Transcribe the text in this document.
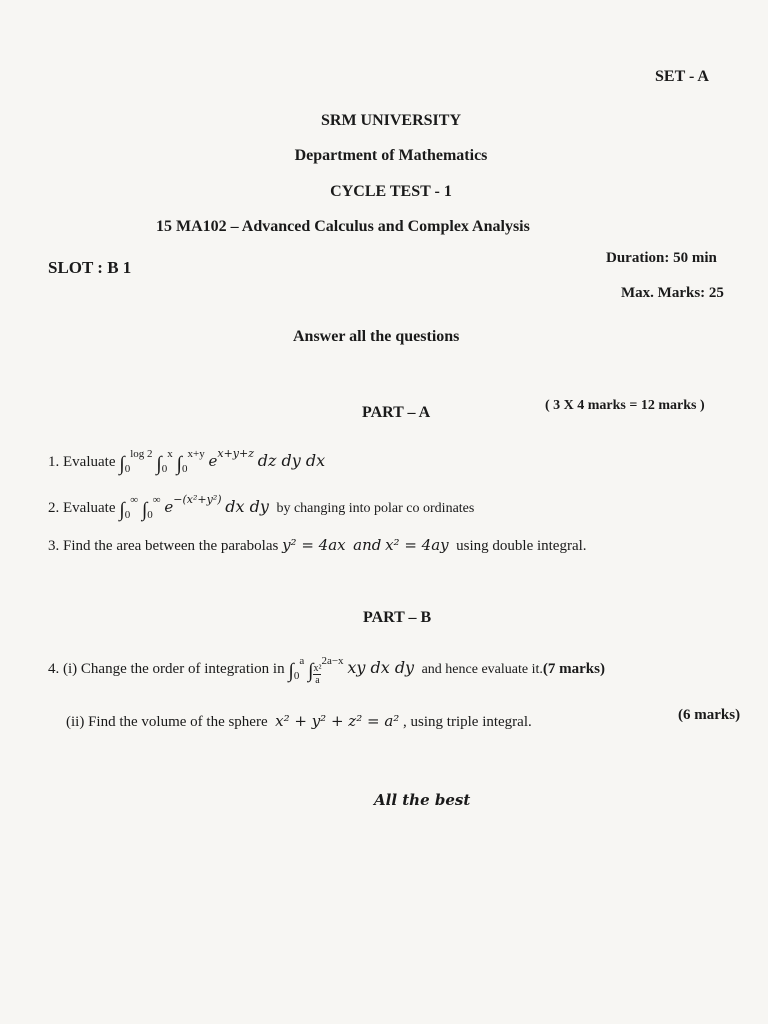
SET - A
SRM UNIVERSITY
Department of Mathematics
CYCLE TEST - 1
15 MA102 – Advanced Calculus and Complex Analysis
SLOT : B 1	Duration: 50 min
Max. Marks: 25
Answer all the questions
PART – A	( 3 X 4 marks = 12 marks )
1. Evaluate $\int_0^{log 2}$ $\int_0^x$ $\int_0^{x+y}$ $e^{x+y+z}$ dz dy dx
2. Evaluate $\int_0^\infty$ $\int_0^\infty$ $e^{-(x^2+y^2)}$ dx dy by changing into polar co ordinates
3. Find the area between the parabolas y² = 4ax and x² = 4ay using double integral.
PART – B
4. (i) Change the order of integration in $\int_0^a$ ∫ $\frac{\text{x²}}{a}^{2a-x}$ xy dx dy and hence evaluate it.(7 marks)
(ii) Find the volume of the sphere x² + y² + z² = a² , using triple integral.	(6 marks)
All the best
